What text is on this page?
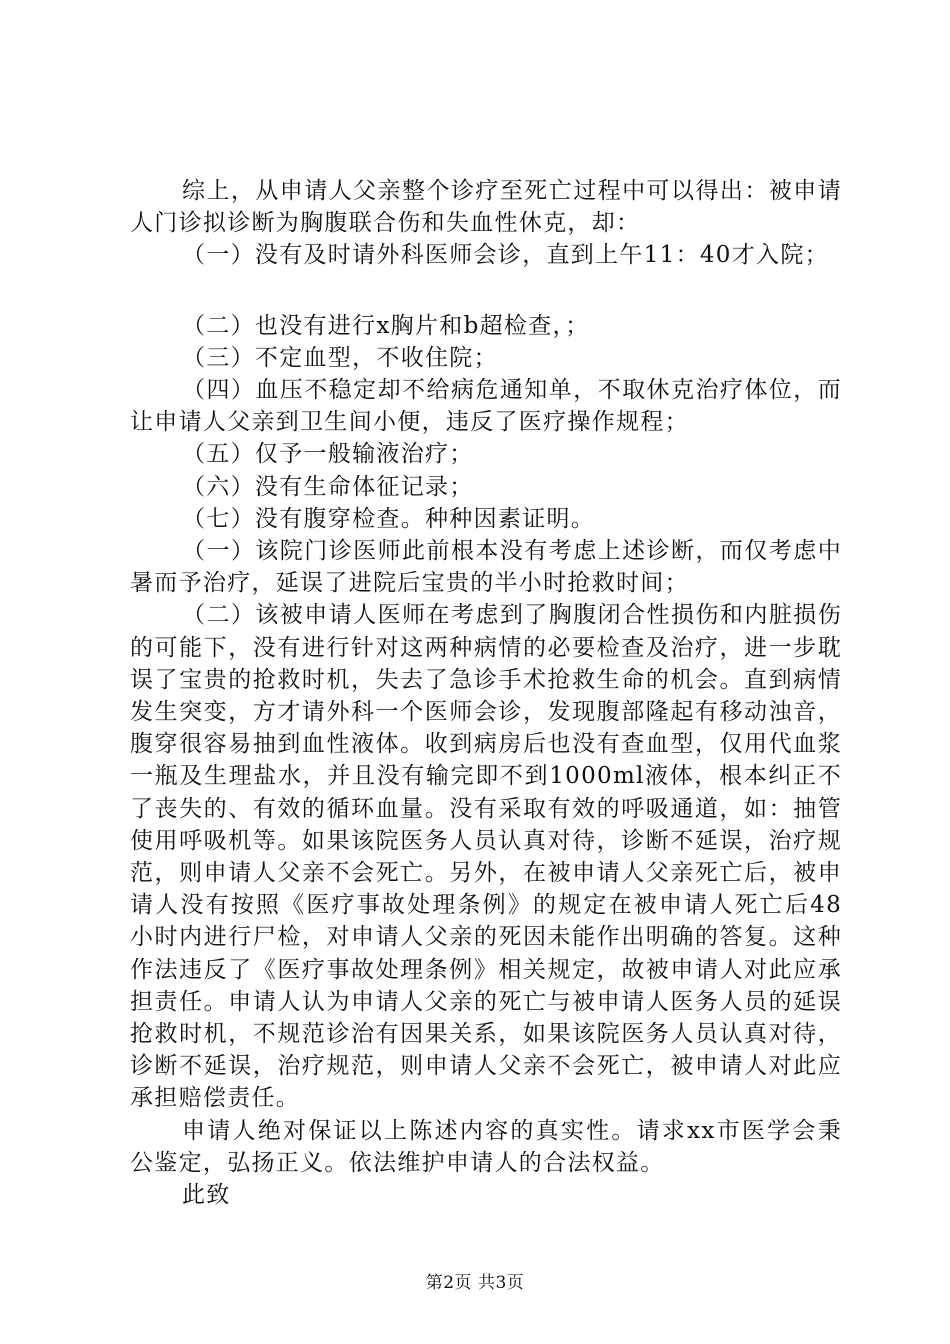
综上，从申请人父亲整个诊疗至死亡过程中可以得出：被申请人门诊拟诊断为胸腹联合伤和失血性休克，却：

（一）没有及时请外科医师会诊，直到上午11：40才入院；

（二）也没有进行x胸片和b超检查，；

（三）不定血型，不收住院；

（四）血压不稳定却不给病危通知单，不取休克治疗体位，而让申请人父亲到卫生间小便，违反了医疗操作规程；

（五）仅予一般输液治疗；

（六）没有生命体征记录；

（七）没有腹穿检查。种种因素证明。

（一）该院门诊医师此前根本没有考虑上述诊断，而仅考虑中暑而予治疗，延误了进院后宝贵的半小时抢救时间；

（二）该被申请人医师在考虑到了胸腹闭合性损伤和内脏损伤的可能下，没有进行针对这两种病情的必要检查及治疗，进一步耽误了宝贵的抢救时机，失去了急诊手术抢救生命的机会。直到病情发生突变，方才请外科一个医师会诊，发现腹部隆起有移动浊音，腹穿很容易抽到血性液体。收到病房后也没有查血型，仅用代血浆一瓶及生理盐水，并且没有输完即不到1000ml液体，根本纠正不了丧失的、有效的循环血量。没有采取有效的呼吸通道，如：抽管使用呼吸机等。如果该院医务人员认真对待，诊断不延误，治疗规范，则申请人父亲不会死亡。另外，在被申请人父亲死亡后，被申请人没有按照《医疗事故处理条例》的规定在被申请人死亡后48小时内进行尸检，对申请人父亲的死因未能作出明确的答复。这种作法违反了《医疗事故处理条例》相关规定，故被申请人对此应承担责任。申请人认为申请人父亲的死亡与被申请人医务人员的延误抢救时机，不规范诊治有因果关系，如果该院医务人员认真对待，诊断不延误，治疗规范，则申请人父亲不会死亡，被申请人对此应承担赔偿责任。

申请人绝对保证以上陈述内容的真实性。请求xx市医学会秉公鉴定，弘扬正义。依法维护申请人的合法权益。

此致

第2页 共3页
